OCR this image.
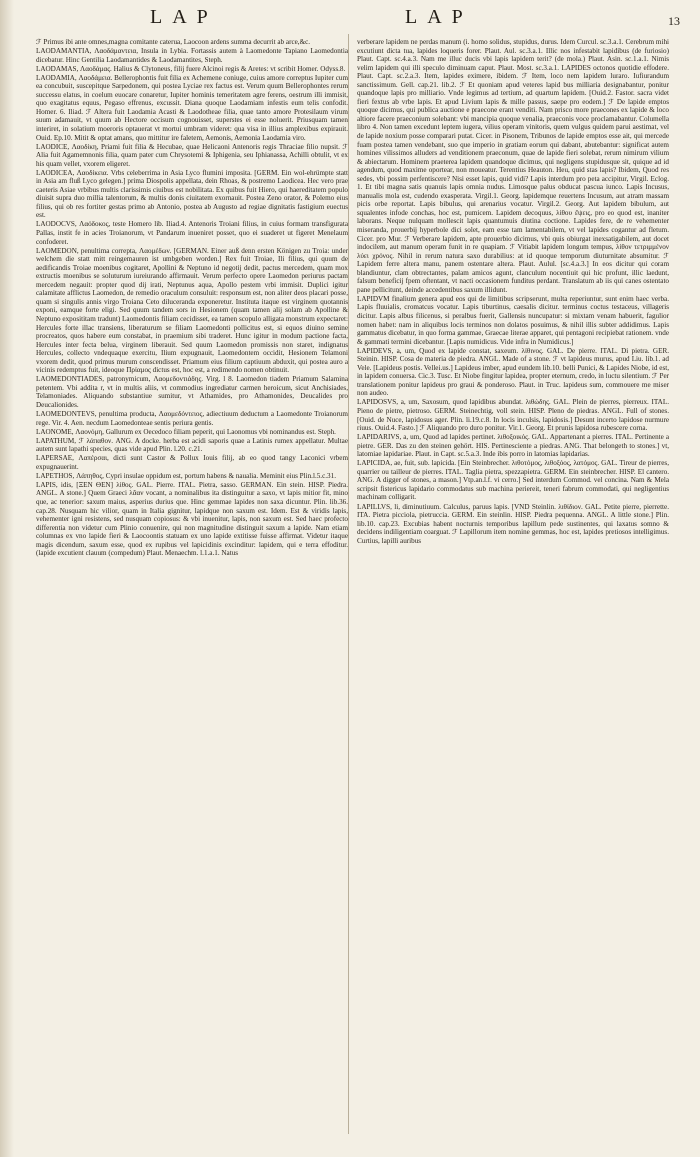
LAP	LAP	13

ℱ Primus ibi ante omnes,magna comitante caterua, Laocoon ardens summa decurrit ab arce,&c.

LAODAMANTIA, Λαοδάμαντεια, Insula in Lybia. Fortassis autem à Laomedonte Tapiano Laomedontia dicebatur. Hinc Gentilia Laodamantides & Laodamantites, Steph.

LAODAMAS, Λαοδάμας. Halius & Clytoneus, filij fuere Alcinoi regis & Aretes: vt scribit Homer. Odyss.8.

LAODAMIA, Λαοδάμεια. Bellerophontis fuit filia ex Achemene coniuge, cuius amore correptus Iupiter cum ea concubuit, suscepitque Sarpedonem, qui postea Lyciae rex factus est. Verum quum Bellerophontes rerum successu elatus, in coelum euocare conaretur, Iupiter hominis temeritatem agre ferens, oestrum illi immisit, quo exagitatus equus, Pegaso effrenus, excussit. Diana quoque Laodamiam infestis eum telis confodit. Homer. 6. Iliad. ℱ Altera fuit Laodamia Acasti & Laodotheae filia, quae tanto amore Protesilaum virum suum adamauit, vt quum ab Hectore occisum cognouisset, superstes ei esse noluerit. Priusquam tamen interiret, in solatium moeroris optauerat vt mortui umbram videret: qua visa in illius amplexibus expirauit. Ouid. Ep.10. Mitit & optat amans, quo mittitur ire faletem, Aemonis, Aemonia Laodamia viro.

LAODICE, Λαοδίκη, Priami fuit filia & Hecubae, quae Helicaoni Antenoris regis Thraciae filio nupsit. ℱ Alia fuit Agamemnonis filia, quam pater cum Chrysotemi & Iphigenia, seu Iphianassa, Achilli obtulit, vt ex his quam vellet, vxorem eligeret.

LAODICEA, Λαοδίκεια. Vrbs celeberrima in Asia Lyco flumini imposita. [GERM. Ein wol-ehrümpte statt in Asia am fluß Lyco gelegen.] prima Diospolis appellata, dein Rhoas, & postremo Laodicea. Hec vero prae caeteris Asiae vrbibus multis clarissimis ciuibus est nobilitata. Ex quibus fuit Hiero, qui haereditatem populo diuisit supra duo millia talentorum, & multis donis ciuitatem exornauit. Postea Zeno orator, & Polemo eius filius, qui ob res fortiter gestas primo ab Antonio, postea ab Augusto ad regiae dignitatis fastigium euectus est.

LAODOCVS, Λαόδοκος, teste Homero lib. Iliad.4. Antenoris Troiani filius, in cuius formam transfigurata Pallas, instit fe in acies Troianorum, vt Pandarum inueniret posset, quo ei suaderet ut figeret Menelaum confoderet.

LAOMEDON, penultima correpta, Λαομέδων. [GERMAN. Einer auß denn ersten Königen zu Troia: under welchem die statt mitt reingemauren ist umbgeben worden.] Rex fuit Troiae, Ili filius, qui quum de aedificandis Troiae moenibus cogitaret, Apollini & Neptuno id negotij dedit, pactus mercedem, quam mox extructis moenibus se soluturum iureiurando affirmauit. Verum perfecto opere Laomedon periurus pactam mercedem negauit: propter quod dij irati, Neptunus aqua, Apollo pestem vrbi immisit. Duplici igitur calamitate afflictus Laomedon, de remedio oraculum consuluit: responsum est, non aliter deos placari posse, quam si singulis annis virgo Troiana Ceto diluceranda exponeretur. Instituta itaque est virginem quotannis exponi, eamque forte eligi. Sed quum tandem sors in Hesionem (quam tamen alij solam ab Apolline & Neptuno exposititam tradunt) Laomedontis filiam cecidisset, ea tamen scopulo alligata monstrum expectaret: Hercules forte illac transiens, liberaturum se filiam Laomedonti pollicitus est, si equos diuino semine procreatos, quos habere eum constabat, in praemium sibi traderet. Hunc igitur in modum pactione facta, Hercules inter fecta belua, virginem liberauit. Sed quum Laomedon promissis non staret, indignatus Hercules, collecto vndequaque exercitu, Ilium expugnauit, Laomedontem occidit, Hesionem Telamoni vxorem dedit, quod primus murum conscendisset. Priamum eius filium captiuum abduxit, qui postea auro a vicinis redemptus fuit, ideoque Πρίαμος dictus est, hoc est, a redimendo nomen obtinuit.

LAOMEDONTIADES, patronymicum, Λαομεδοντιάδης. Virg. l 8. Laomedon tiadem Priamum Salamina petentem. Vbi addita r, vt in multis aliis, vt commodius ingrediatur carmen heroicum, sicut Anchisiades, Telamoniades. Aliquando substantiue sumitur, vt Athamides, pro Athamonides, Deucalides pro Deucalionides.

LAOMEDONTEVS, penultima producta, Λαομεδόντειος, adiectiuum deductum a Laomedonte Troianorum rege. Vir. 4. Aen. necdum Laomedonteae sentis periura gentis.

LAONOME, Λαονόμη, Gallurum ex Oecedoco filiam peperit, qui Laonomus vbi nominandus est. Steph.

LAPATHUM, ℱ λάπαθον. ANG. A docke. herba est acidi saporis quae a Latinis rumex appellatur. Multae autem sunt lapathi species, quas vide apud Plin. l.20. c.21.

LAPERSAE, Λαπέρσαι, dicti sunt Castor & Pollux Iouis filij, ab eo quod tangy Laconici vrbem expugnauerint.

LAPETHOS, Λάπηθος, Cypri insulae oppidum est, portum habens & naualia. Meminit eius Plin.l.5.c.31.

LAPIS, idis, [ΞΕΝ ΘΕΝ] λίθος. GAL. Pierre. ITAL. Pietra, sasso. GERMAN. Ein stein. HISP. Piedra. ANGL. A stone.] Quem Graeci λᾶαν vocant, a nominalibus ita distinguitur a saxo, vt lapis mitior fit, mino que, ac tenerior: saxum maius, asperius durius que. Hinc gemmae lapides non saxa dicuntur. Plin. lib.36. cap.28. Nusquam hic vilior, quam in Italia gignitur, lapidque non saxum est. Idem. Est & viridis lapis, vehementer igni resistens, sed nusquam copiosus: & vbi inuenitur, lapis, non saxum est. Sed haec profecto differentia non videtur cum Plinio conuenire, qui non magnitudine distinguit saxum a lapide. Nam etiam columnas ex vno lapide fieri & Laocoontis statuam ex uno lapide extitisse fuisse affirmat. Videtur itaque magis dicendum, saxum esse, quod ex rupibus vel lapicidinis excinditur: lapidem, qui e terra effoditur. (lapide excutient clauum (compedum) Plaut. Menaechm. l.1.a.1. Natus

verberare lapidem ne perdas manum (i. homo solidus, stupidus, durus. Idem Curcul. sc.3.a.1. Cerebrum mihi excutiunt dicta tua, lapides loqueris forer. Plaut. Aul. sc.3.a.1. Illic nos infestabit lapidibus (de furiosio) Plaut. Capt. sc.4.a.3. Nam me illuc ducis vbi lapis lapidem terit? (de mola.) Plaut. Asin. sc.1.a.1. Nimis velim lapidem qui illi speculo diminuam caput. Plaut. Most. sc.3.a.1. LAPIDES octonos quotidie effodere. Plaut. Capt. sc.2.a.3. Item, lapides eximere, ibidem. ℱ Item, loco nem lapidem luraro. Iufiurandum sanctissimum. Gell. cap.21. lib.2. ℱ Et quoniam apud veteres lapid bus milliaria designabantur, ponitur quandoque lapis pro milliario. Vnde legimus ad tertium, ad quartum lapidem. [Ouid.2. Fastor. sacra videt fieri fextus ab vrbe lapis. Et apud Livium lapis & mille passus, saepe pro eodem.] ℱ De lapide emptos quoque dicimus, qui publica auctione e praecone erant venditi. Nam prisco more praecones ex lapide & loco altiore facere praeconium solebant: vbi mancipia quoque venalia, praeconis voce proclamabantur. Columella libro 4. Non tamen excedunt leptem iugera, vilius operam vinitoris, quem vulgus quidem parui aestimat, vel de lapide noxium posse comparari putat. Cicer. in Pisonem, Tribunos de lapide emptos esse ait, qui mercede fuam postea tamen vendebant, suo que imperio in gratiam eorum qui dabant, abutebantur: significat autem homines vilissimos alluders ad venditionem praeconum, quae de lapide fieri solebat, rerum nimirum vilium & abiectarum. Hominem praeterea lapidem quandoque dicimus, qui negligens stupidusque sit, quique ad id agendum, quod maxime oportear, non moueatur. Terentius Heauton. Heu, quid stas lapis? Ibidem, Quod res sedes, vbi possim perfentiscere? Nisi esset lapis, quid vidi? Lapis interdum pro peta accipitur, Virgil. Eclog. 1. Et tibi magna satis quanuis lapis omnia nudus. Limosque palus obducat pascua iunco. Lapis Incusus, manualis mola est, cudendo exasperata. Virgil.1. Georg. lapidemque reuertens Incusum, aut atram massam picis orbe reportat. Lapis bibulus, qui arenarius vocatur. Virgil.2. Georg. Aut lapidem bibulum, aut squalentes infode conchas, hoc est, pumicem. Lapidem decoquus, λίθου ἔψεις, pro eo quod est, inaniter laborans. Neque nulquam mollescit lapis quantumuis diutina coctione. Lapides fere, de re vehementer miseranda, prouerbij hyperbole dici solet, eam esse tam lamentabilem, vt vel lapides cogantur ad fletum. Cicer. pro Mur. ℱ Verberare lapidem, apte prouerbio dicimus, vbi quis obiurgat inexsatigabilem, aut docet indocilem, aut manum operam funit in re quapiam. ℱ Vitiabit lapidem longum tempus, λίθον τετριμμένον λύει χρόνος. Nihil in rerum natura saxo durabilius: at id quoque temporum diuturnitate absumitur. ℱ Lapidem ferre altera manu, panem ostentare altera. Plaut. Aulul. [sc.4.a.3.] In eos dicitur qui coram blandiuntur, clam obtrectantes, palam amicos agunt, clanculum nocentiuit qui hic profunt, illic laedunt, falsum beneficij fpem oftentant, vt nacti occasionem funditus perdant. Translatum ab iis qui canes ostentato pane pellicitunt, deinde accedentibus saxum illidunt.

LAPIDVM finalium genera apud eos qui de limitibus scripserunt, multa reperiuntur, sunt enim haec verba. Lapis fluuialis, cromatcus vocatur. Lapis tiburtinus, caesalis dicitur. terminus coctus testaceus, villageris dicitur. Lapis albus filicenus, si peralbus fuerit, Gallensis nuncupatur: si mixtam venam habuerit, fagulior nomen habet: nam in aliquibus locis terminos non dolatos posuimus, & nihil illis subter addidimus. Lapis gammatus dicebatur, in quo forma gammae, Graecae literae apparet, qui pentagoni recipiebat rationem. vnde & gammati termini dicebantur. [Lapis numidicus. Vide infra in Numidicus.]

LAPIDEVS, a, um, Quod ex lapide constat, saxeum. λίθινος. GAL. De pierre. ITAL. Di pietra. GER. Steinin. HISP. Cosa de materia de piedra. ANGL. Made of a stone. ℱ vt lapideus murus, apud Liu. lib.1. ad Vele. [Lapideus postis. Vellei.us.] Lapideus imber, apud eundem lib.10. belli Punici, & Lapides Niobe, id est, in lapidem conuersa. Cic.3. Tusc. Et Niobe fingitur lapidea, propter eternum, credo, in luctu silentium. ℱ Per translationem ponitur lapideus pro graui & ponderoso. Plaut. in Truc. lapideus sum, commouere me miser non audeo.

LAPIDOSVS, a, um, Saxosum, quod lapidibus abundat. λιθώδης. GAL. Plein de pierres, pierreux. ITAL. Pieno de pietre, pietroso. GERM. Steinechtig, voll stein. HISP. Pleno de piedras. ANGL. Full of stones. [Ouid. de Nuce, lapidosus ager. Plin. li.19.c.8. In locis inculsis, lapidosis.] Desunt incerto lapidose nurmure riuus. Ouid.4. Fasto.] ℱ Aliquando pro duro ponitur. Vir.1. Georg. Et prunis lapidosa rubescere corna.

LAPIDARIVS, a, um, Quod ad lapides pertinet. λιθοξοικός. GAL. Appartenant a pierres. ITAL. Pertinente a pietre. GER. Das zu den steinen gehört. HIS. Pertinesciente a piedras. ANG. That belongeth to stones.] vt, latomiae lapidariae. Plaut. in Capt. sc.5.a.3. Inde ibis porro in latomias lapidarias.

LAPICIDA, ae, fuit, sub. lapicida. [Ein Steinbrecher. λιθοτόμος, λιθοξόος, λατόμος. GAL. Tireur de pierres, quarrier ou tailleur de pierres. ITAL. Taglia pietra, spezzapietra. GERM. Ein steinbrecher. HISP. El cantero. ANG. A digger of stones, a mason.] Vtp.an.l.f. vi cerro.] Sed interdum Commod. vel concina. Nam & Mela scripsit fistericus lapidario commodatus sub machina periereit, teneri fabrum commodati, qui negligentius machinam colligarit.

LAPILLVS, li, diminutiuum. Calculus, paruus lapis. [VND Steinlin. λιθίδιον. GAL. Petite pierre, pierrette. ITA. Pietra picciola, pietruccia. GERM. Ein steinlin. HISP. Piedra pequenna. ANGL. A little stone.] Plin. lib.10. cap.23. Excubias habent nocturnis temporibus lapillum pede sustinentes, qui laxatus somno & decidens indiligentiam coarguat. ℱ Lapillorum item nomine gemmas, hoc est, lapides pretiosos intelligimus. Curtius, lapilli auribus
